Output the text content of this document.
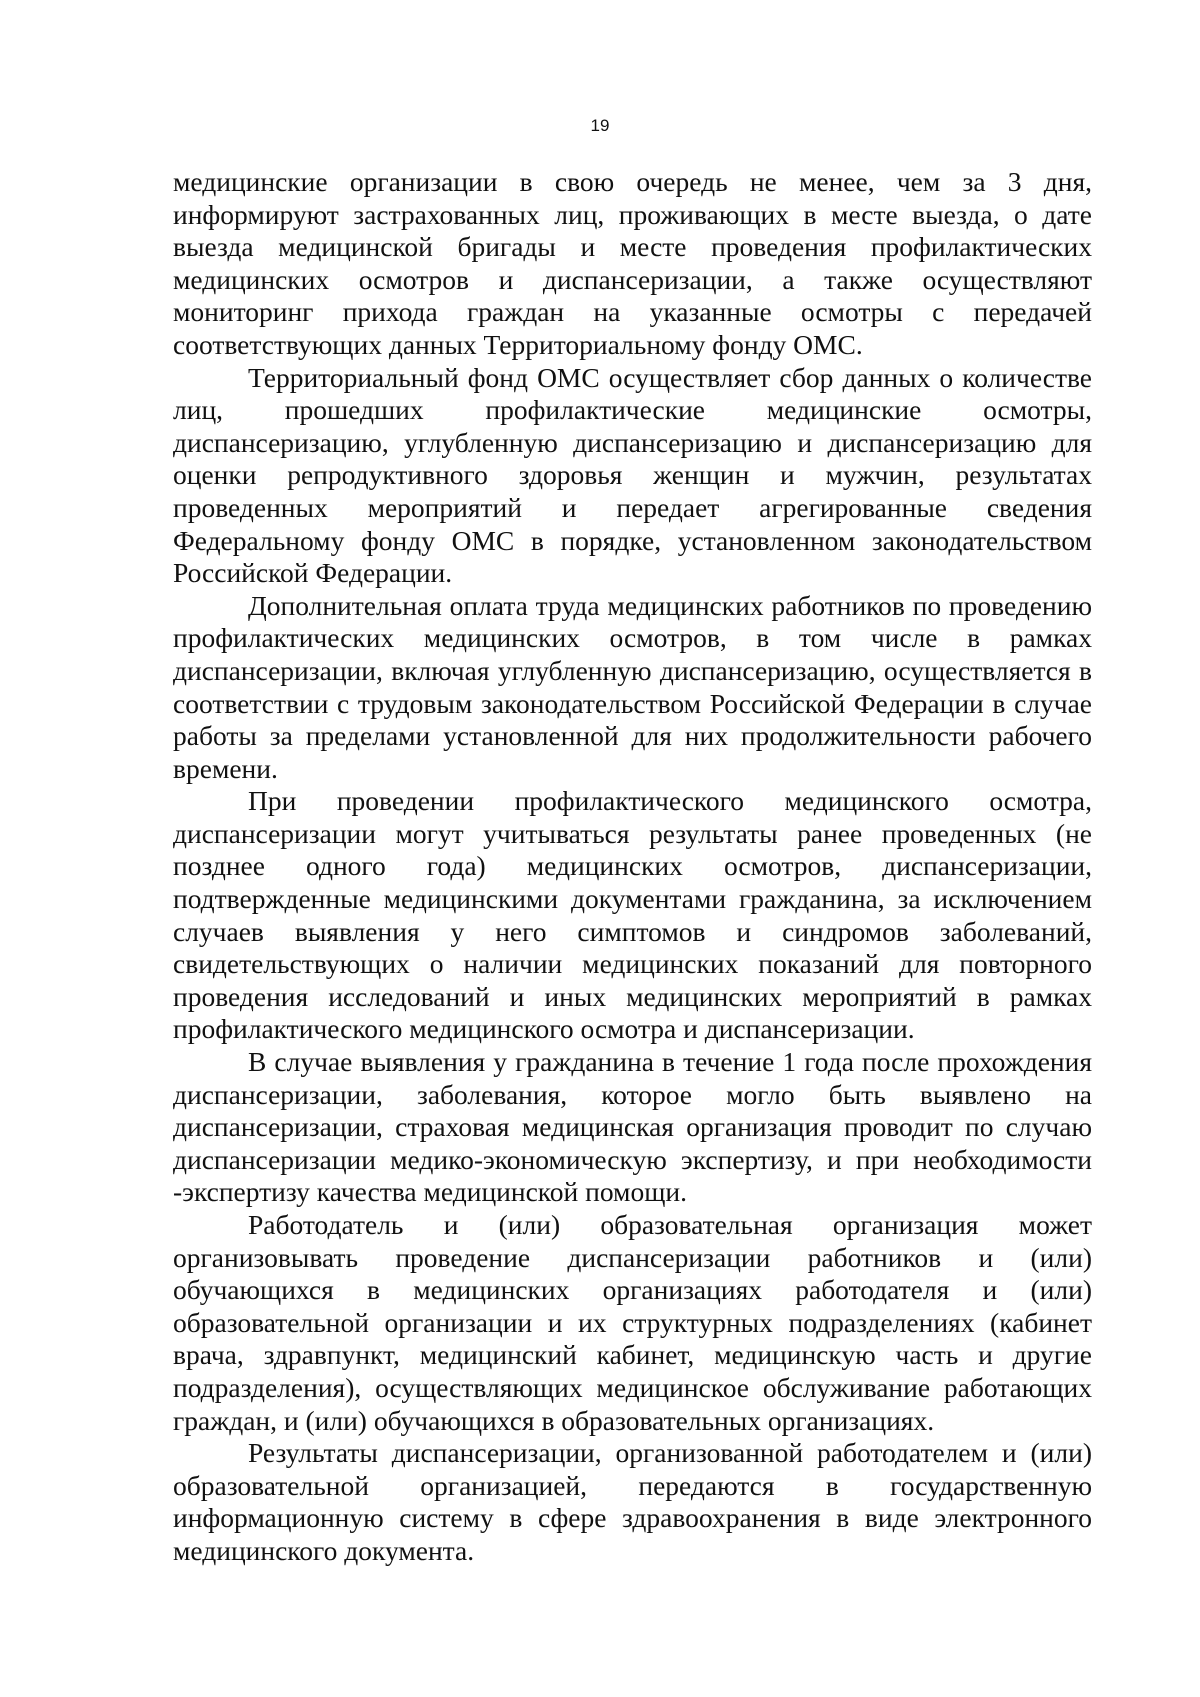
19

медицинские организации в свою очередь не менее, чем за 3 дня, информируют застрахованных лиц, проживающих в месте выезда, о дате выезда медицинской бригады и месте проведения профилактических медицинских осмотров и диспансеризации, а также осуществляют мониторинг прихода граждан на указанные осмотры с передачей соответствующих данных Территориальному фонду ОМС.

Территориальный фонд ОМС осуществляет сбор данных о количестве лиц, прошедших профилактические медицинские осмотры, диспансеризацию, углубленную диспансеризацию и диспансеризацию для оценки репродуктивного здоровья женщин и мужчин, результатах проведенных мероприятий и передает агрегированные сведения Федеральному фонду ОМС в порядке, установленном законодательством Российской Федерации.

Дополнительная оплата труда медицинских работников по проведению профилактических медицинских осмотров, в том числе в рамках диспансеризации, включая углубленную диспансеризацию, осуществляется в соответствии с трудовым законодательством Российской Федерации в случае работы за пределами установленной для них продолжительности рабочего времени.

При проведении профилактического медицинского осмотра, диспансеризации могут учитываться результаты ранее проведенных (не позднее одного года) медицинских осмотров, диспансеризации, подтвержденные медицинскими документами гражданина, за исключением случаев выявления у него симптомов и синдромов заболеваний, свидетельствующих о наличии медицинских показаний для повторного проведения исследований и иных медицинских мероприятий в рамках профилактического медицинского осмотра и диспансеризации.

В случае выявления у гражданина в течение 1 года после прохождения диспансеризации, заболевания, которое могло быть выявлено на диспансеризации, страховая медицинская организация проводит по случаю диспансеризации медико-экономическую экспертизу, и при необходимости -экспертизу качества медицинской помощи.

Работодатель и (или) образовательная организация может организовывать проведение диспансеризации работников и (или) обучающихся в медицинских организациях работодателя и (или) образовательной организации и их структурных подразделениях (кабинет врача, здравпункт, медицинский кабинет, медицинскую часть и другие подразделения), осуществляющих медицинское обслуживание работающих граждан, и (или) обучающихся в образовательных организациях.

Результаты диспансеризации, организованной работодателем и (или) образовательной организацией, передаются в государственную информационную систему в сфере здравоохранения в виде электронного медицинского документа.
